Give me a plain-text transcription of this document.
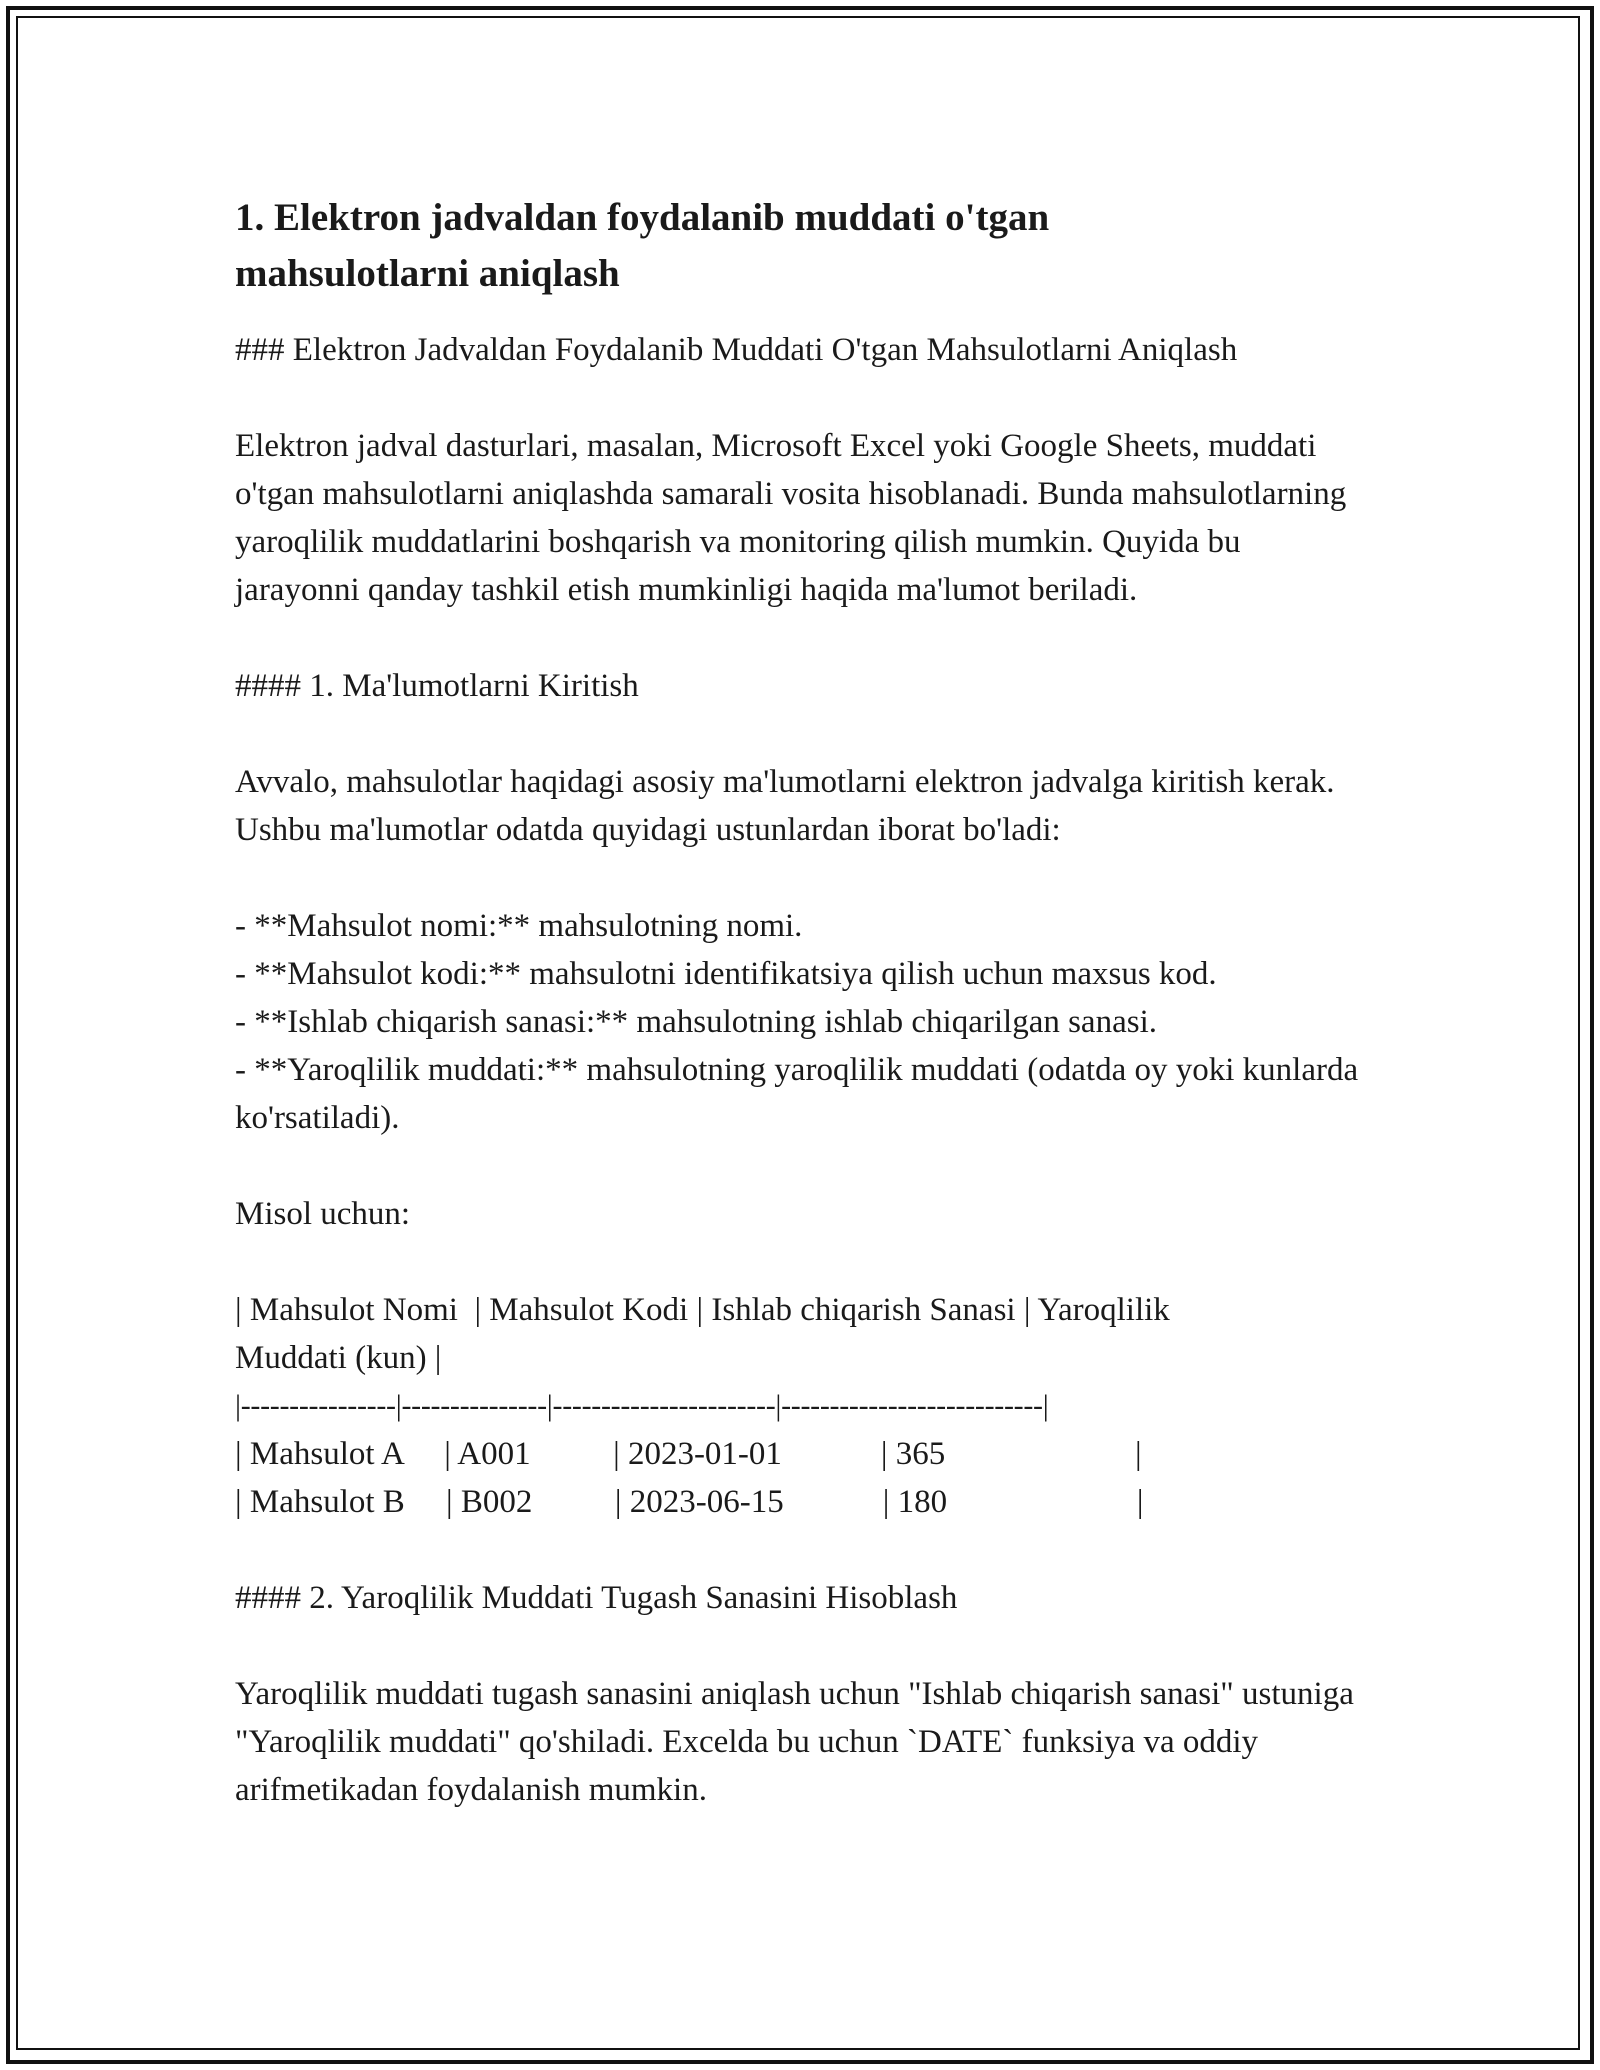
1. Elektron jadvaldan foydalanib muddati o'tgan mahsulotlarni aniqlash

### Elektron Jadvaldan Foydalanib Muddati O'tgan Mahsulotlarni Aniqlash

Elektron jadval dasturlari, masalan, Microsoft Excel yoki Google Sheets, muddati o'tgan mahsulotlarni aniqlashda samarali vosita hisoblanadi. Bunda mahsulotlarning yaroqlilik muddatlarini boshqarish va monitoring qilish mumkin. Quyida bu jarayonni qanday tashkil etish mumkinligi haqida ma'lumot beriladi.

#### 1. Ma'lumotlarni Kiritish

Avvalo, mahsulotlar haqidagi asosiy ma'lumotlarni elektron jadvalga kiritish kerak. Ushbu ma'lumotlar odatda quyidagi ustunlardan iborat bo'ladi:

- **Mahsulot nomi:** mahsulotning nomi.

- **Mahsulot kodi:** mahsulotni identifikatsiya qilish uchun maxsus kod.

- **Ishlab chiqarish sanasi:** mahsulotning ishlab chiqarilgan sanasi.

- **Yaroqlilik muddati:** mahsulotning yaroqlilik muddati (odatda oy yoki kunlarda ko'rsatiladi).

Misol uchun:

| Mahsulot Nomi  | Mahsulot Kodi | Ishlab chiqarish Sanasi | Yaroqlilik

Muddati (kun) |

|----------------|---------------|-----------------------|---------------------------|

| Mahsulot A     | A001          | 2023-01-01            | 365                       |

| Mahsulot B     | B002          | 2023-06-15            | 180                       |

#### 2. Yaroqlilik Muddati Tugash Sanasini Hisoblash

Yaroqlilik muddati tugash sanasini aniqlash uchun "Ishlab chiqarish sanasi" ustuniga "Yaroqlilik muddati" qo'shiladi. Excelda bu uchun `DATE` funksiya va oddiy arifmetikadan foydalanish mumkin.
